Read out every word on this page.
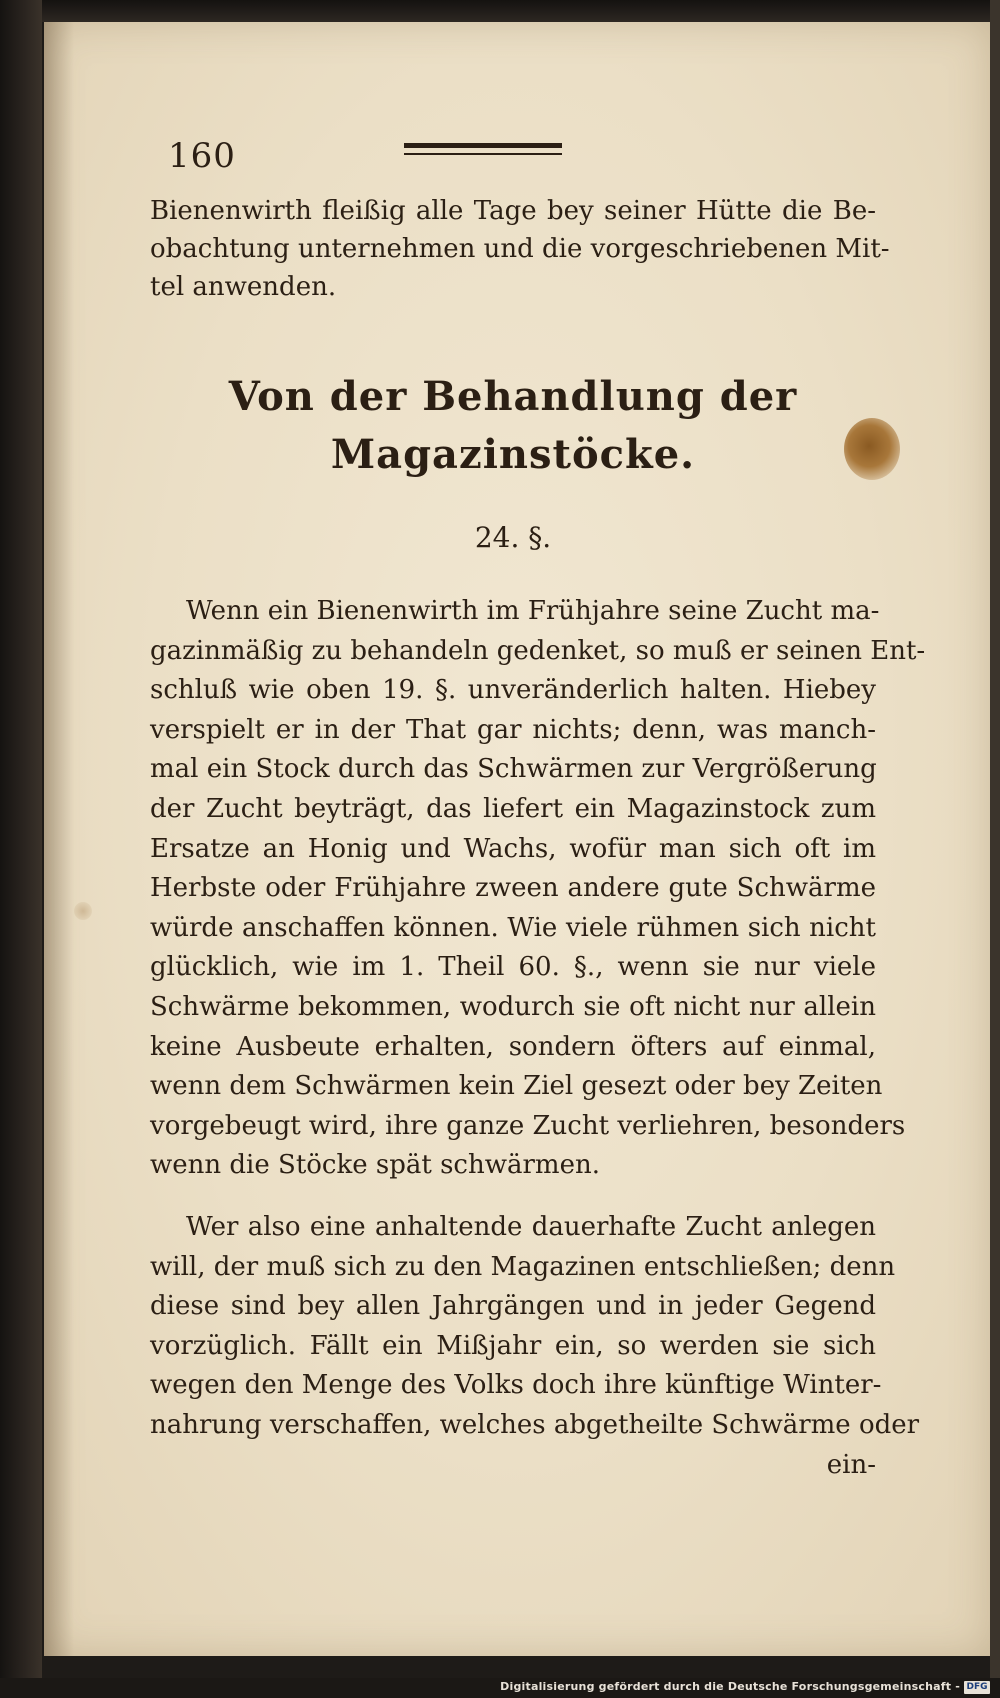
160
Bienenwirth fleißig alle Tage bey seiner Hütte die Be-
obachtung unternehmen und die vorgeschriebenen Mit-
tel anwenden.
Von der Behandlung der
Magazinstöcke.
24. §.
Wenn ein Bienenwirth im Frühjahre seine Zucht ma-
gazinmäßig zu behandeln gedenket, so muß er seinen Ent-
schluß wie oben 19. §. unveränderlich halten. Hiebey
verspielt er in der That gar nichts; denn, was manch-
mal ein Stock durch das Schwärmen zur Vergrößerung
der Zucht beyträgt, das liefert ein Magazinstock zum
Ersatze an Honig und Wachs, wofür man sich oft im
Herbste oder Frühjahre zween andere gute Schwärme
würde anschaffen können. Wie viele rühmen sich nicht
glücklich, wie im 1. Theil 60. §., wenn sie nur viele
Schwärme bekommen, wodurch sie oft nicht nur allein
keine Ausbeute erhalten, sondern öfters auf einmal,
wenn dem Schwärmen kein Ziel gesezt oder bey Zeiten
vorgebeugt wird, ihre ganze Zucht verliehren, besonders
wenn die Stöcke spät schwärmen.
Wer also eine anhaltende dauerhafte Zucht anlegen
will, der muß sich zu den Magazinen entschließen; denn
diese sind bey allen Jahrgängen und in jeder Gegend
vorzüglich. Fällt ein Mißjahr ein, so werden sie sich
wegen den Menge des Volks doch ihre künftige Winter-
nahrung verschaffen, welches abgetheilte Schwärme oder
ein-
Digitalisierung gefördert durch die Deutsche Forschungsgemeinschaft - DFG
